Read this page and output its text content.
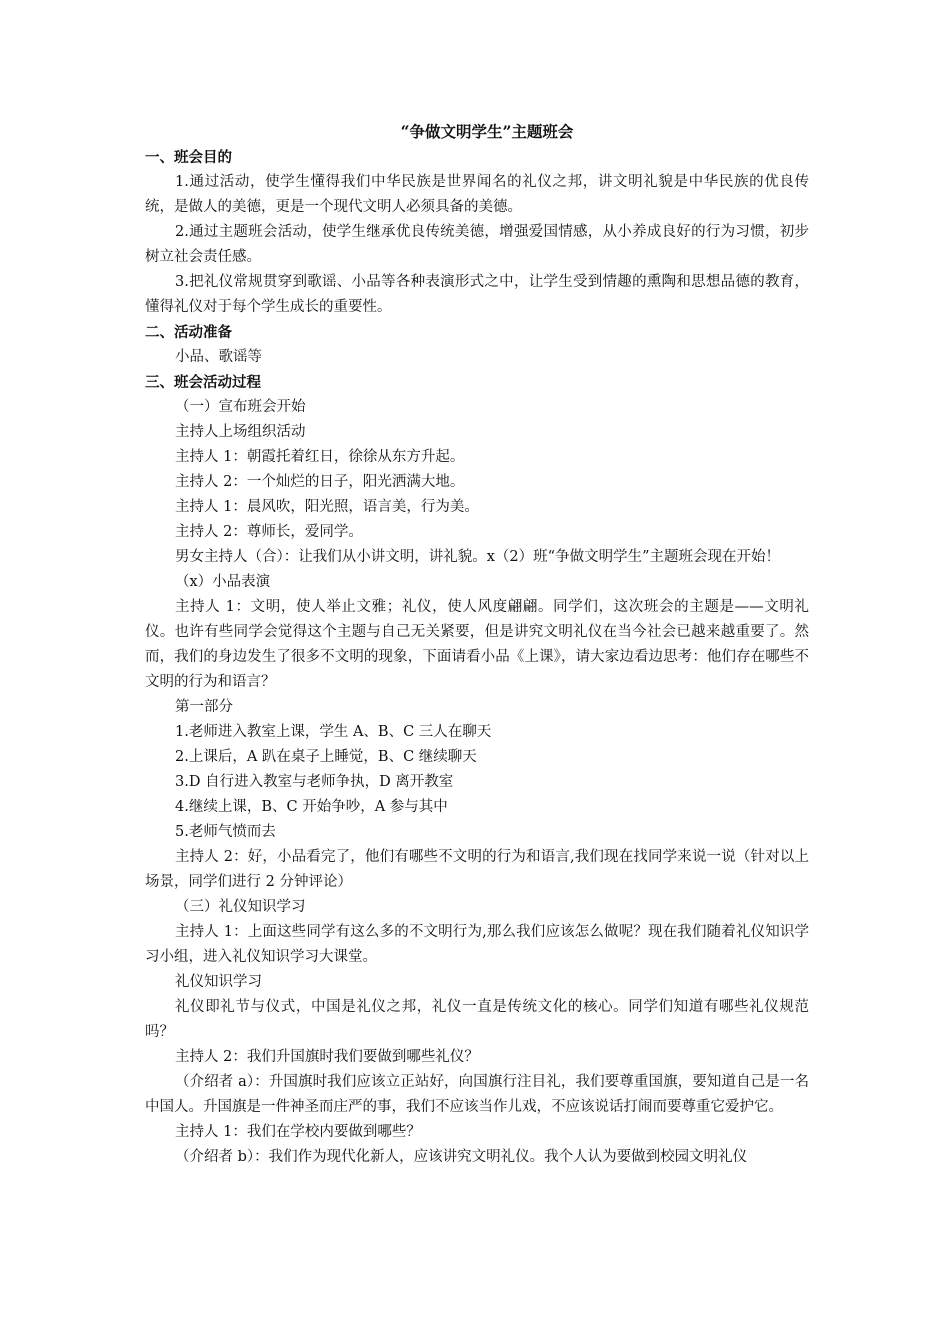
“争做文明学生”主题班会
一、班会目的
1.通过活动，使学生懂得我们中华民族是世界闻名的礼仪之邦，讲文明礼貌是中华民族的优良传统，是做人的美德，更是一个现代文明人必须具备的美德。
2.通过主题班会活动，使学生继承优良传统美德，增强爱国情感，从小养成良好的行为习惯，初步树立社会责任感。
3.把礼仪常规贯穿到歌谣、小品等各种表演形式之中，让学生受到情趣的熏陶和思想品德的教育，懂得礼仪对于每个学生成长的重要性。
二、活动准备
小品、歌谣等
三、班会活动过程
（一）宣布班会开始
主持人上场组织活动
主持人 1：朝霞托着红日，徐徐从东方升起。
主持人 2：一个灿烂的日子，阳光洒满大地。
主持人 1：晨风吹，阳光照，语言美，行为美。
主持人 2：尊师长，爱同学。
男女主持人（合）：让我们从小讲文明，讲礼貌。x（2）班“争做文明学生”主题班会现在开始！
（x）小品表演
主持人 1：文明，使人举止文雅；礼仪，使人风度翩翩。同学们，这次班会的主题是——文明礼仪。也许有些同学会觉得这个主题与自己无关紧要，但是讲究文明礼仪在当今社会已越来越重要了。然而，我们的身边发生了很多不文明的现象，下面请看小品《上课》，请大家边看边思考：他们存在哪些不文明的行为和语言？
第一部分
1.老师进入教室上课，学生 A、B、C 三人在聊天
2.上课后，A 趴在桌子上睡觉，B、C 继续聊天
3.D 自行进入教室与老师争执，D 离开教室
4.继续上课，B、C 开始争吵，A 参与其中
5.老师气愤而去
主持人 2：好，小品看完了，他们有哪些不文明的行为和语言,我们现在找同学来说一说（针对以上场景，同学们进行 2 分钟评论）
（三）礼仪知识学习
主持人 1：上面这些同学有这么多的不文明行为,那么我们应该怎么做呢？现在我们随着礼仪知识学习小组，进入礼仪知识学习大课堂。
礼仪知识学习
礼仪即礼节与仪式，中国是礼仪之邦，礼仪一直是传统文化的核心。同学们知道有哪些礼仪规范吗？
主持人 2：我们升国旗时我们要做到哪些礼仪？
（介绍者 a）：升国旗时我们应该立正站好，向国旗行注目礼，我们要尊重国旗，要知道自己是一名中国人。升国旗是一件神圣而庄严的事，我们不应该当作儿戏，不应该说话打闹而要尊重它爱护它。
主持人 1：我们在学校内要做到哪些？
（介绍者 b）：我们作为现代化新人，应该讲究文明礼仪。我个人认为要做到校园文明礼仪
